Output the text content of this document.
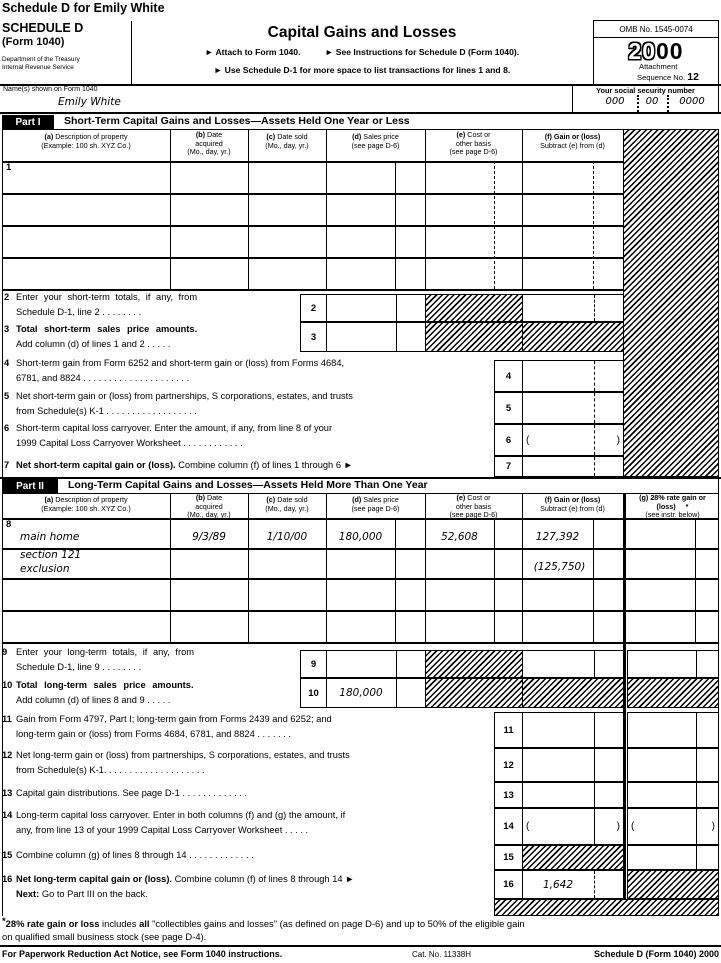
Schedule D for Emily White
SCHEDULE D
(Form 1040)
Department of the Treasury
Internal Revenue Service
Capital Gains and Losses
► Attach to Form 1040.	► See Instructions for Schedule D (Form 1040).
► Use Schedule D-1 for more space to list transactions for lines 1 and 8.
OMB No. 1545-0074
2000
Attachment
Sequence No. 12
Name(s) shown on Form 1040
Emily White
Your social security number
000	00	0000
Part I	Short-Term Capital Gains and Losses—Assets Held One Year or Less
(a) Description of property
(Example: 100 sh. XYZ Co.)
(b) Date
acquired
(Mo., day, yr.)
(c) Date sold
(Mo., day, yr.)
(d) Sales price
(see page D-6)
(e) Cost or
other basis
(see page D-6)
(f) Gain or (loss)
Subtract (e) from (d)
1
2 Enter your short-term totals, if any, from
Schedule D-1, line 2 . . . . . . . .	2
3 Total short-term sales price amounts.
Add column (d) of lines 1 and 2 . . . . .
3
4 Short-term gain from Form 6252 and short-term gain or (loss) from Forms 4684,
6781, and 8824 . . . . . . . . . . . . . . . . . . . . .	4
5 Net short-term gain or (loss) from partnerships, S corporations, estates, and trusts
from Schedule(s) K-1 . . . . . . . . . . . . . . . . . .	5
6 Short-term capital loss carryover. Enter the amount, if any, from line 8 of your
1999 Capital Loss Carryover Worksheet . . . . . . . . . . . .	6	(	)
7 Net short-term capital gain or (loss). Combine column (f) of lines 1 through 6 ►	7
Part II	Long-Term Capital Gains and Losses—Assets Held More Than One Year
(a) Description of property
(Example: 100 sh. XYZ Co.)
(b) Date
acquired
(Mo., day, yr.)
(c) Date sold
(Mo., day, yr.)
(d) Sales price
(see page D-6)
(e) Cost or
other basis
(see page D-6)
(f) Gain or (loss)
Subtract (e) from (d)
(g) 28% rate gain or
(loss) *
(see instr. below)
8
main home	9/3/89	1/10/00	180,000	52,608	127,392
section 121
exclusion	(125,750)
9 Enter your long-term totals, if any, from
Schedule D-1, line 9 . . . . . . . .	9
10 Total long-term sales price amounts.
Add column (d) of lines 8 and 9 . . . . .
10	180,000
11 Gain from Form 4797, Part I; long-term gain from Forms 2439 and 6252; and
long-term gain or (loss) from Forms 4684, 6781, and 8824 . . . . . . .	11
12 Net long-term gain or (loss) from partnerships, S corporations, estates, and trusts
from Schedule(s) K-1. . . . . . . . . . . . . . . . . . . .	12
13 Capital gain distributions. See page D-1 . . . . . . . . . . . . .	13
14 Long-term capital loss carryover. Enter in both columns (f) and (g) the amount, if
any, from line 13 of your 1999 Capital Loss Carryover Worksheet . . . . .	14	(	) (	)
15 Combine column (g) of lines 8 through 14 . . . . . . . . . . . . .	15
16 Net long-term capital gain or (loss). Combine column (f) of lines 8 through 14 ►
Next: Go to Part III on the back.
16	1,642
*28% rate gain or loss includes all "collectibles gains and losses" (as defined on page D-6) and up to 50% of the eligible gain
on qualified small business stock (see page D-4).
For Paperwork Reduction Act Notice, see Form 1040 instructions.	Cat. No. 11338H	Schedule D (Form 1040) 2000
